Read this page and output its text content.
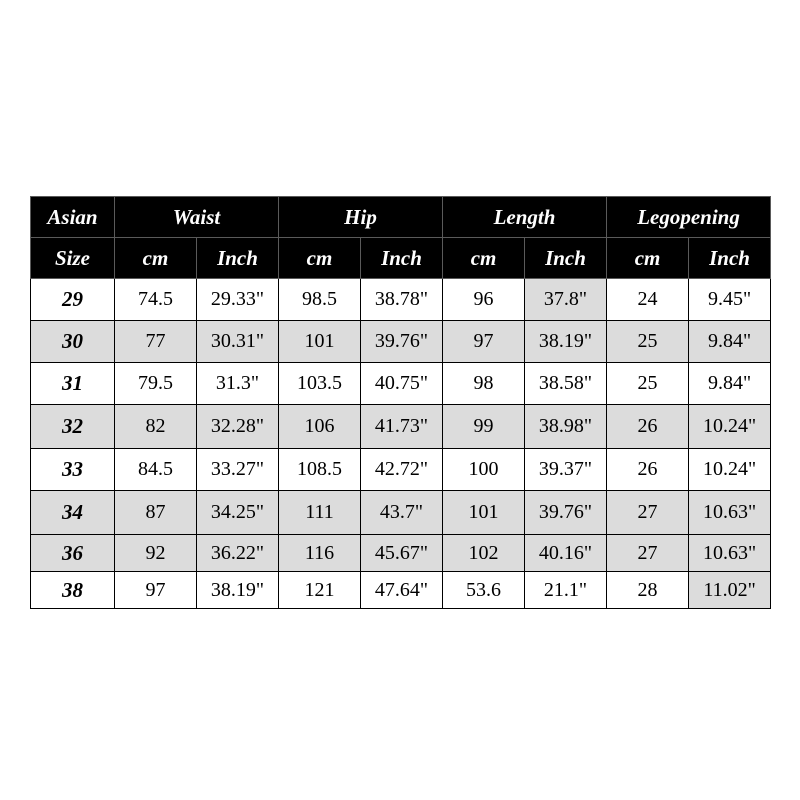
Asian	Waist		Hip		Length		Legopening	
Size	cm	Inch	cm	Inch	cm	Inch	cm	Inch
29	74.5	29.33"	98.5	38.78"	96	37.8"	24	9.45"
30	77	30.31"	101	39.76"	97	38.19"	25	9.84"
31	79.5	31.3"	103.5	40.75"	98	38.58"	25	9.84"
32	82	32.28"	106	41.73"	99	38.98"	26	10.24"
33	84.5	33.27"	108.5	42.72"	100	39.37"	26	10.24"
34	87	34.25"	111	43.7"	101	39.76"	27	10.63"
36	92	36.22"	116	45.67"	102	40.16"	27	10.63"
38	97	38.19"	121	47.64"	53.6	21.1"	28	11.02"
